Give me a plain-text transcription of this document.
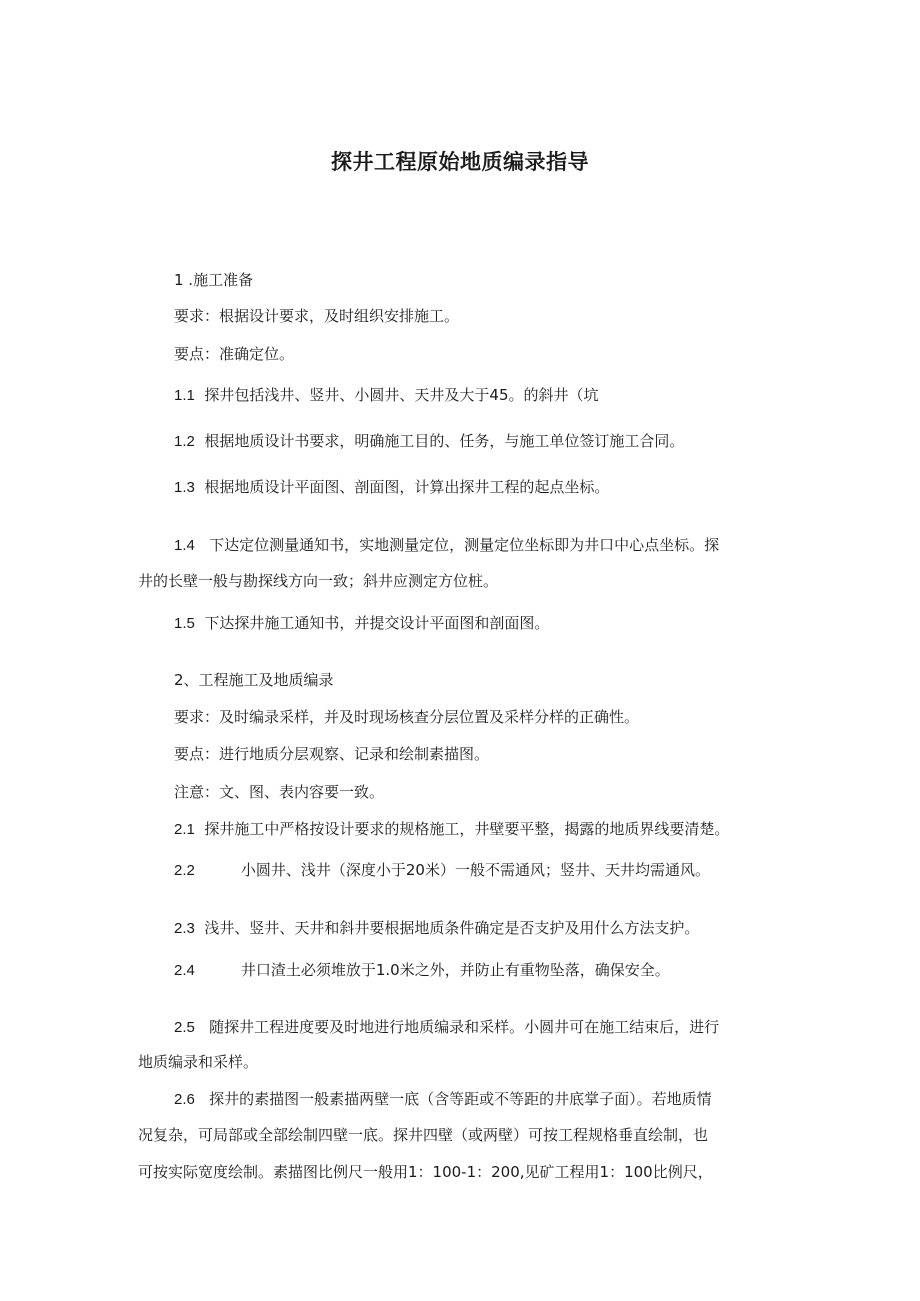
探井工程原始地质编录指导
1 .施工准备
要求：根据设计要求，及时组织安排施工。
要点：准确定位。
1.1 探井包括浅井、竖井、小圆井、天井及大于45。的斜井（坑
1.2 根据地质设计书要求，明确施工目的、任务，与施工单位签订施工合同。
1.3 根据地质设计平面图、剖面图，计算出探井工程的起点坐标。
1.4 下达定位测量通知书，实地测量定位，测量定位坐标即为井口中心点坐标。探
井的长壁一般与勘探线方向一致；斜井应测定方位桩。
1.5 下达探井施工通知书，并提交设计平面图和剖面图。
2、工程施工及地质编录
要求：及时编录采样，并及时现场核查分层位置及采样分样的正确性。
要点：进行地质分层观察、记录和绘制素描图。
注意：文、图、表内容要一致。
2.1 探井施工中严格按设计要求的规格施工，井壁要平整，揭露的地质界线要清楚。
2.2	小圆井、浅井（深度小于20米）一般不需通风；竖井、天井均需通风。
2.3 浅井、竖井、天井和斜井要根据地质条件确定是否支护及用什么方法支护。
2.4	井口渣土必须堆放于1.0米之外，并防止有重物坠落，确保安全。
2.5 随探井工程进度要及时地进行地质编录和采样。小圆井可在施工结束后，进行
地质编录和采样。
2.6 探井的素描图一般素描两壁一底（含等距或不等距的井底掌子面）。若地质情
况复杂，可局部或全部绘制四壁一底。探井四壁（或两壁）可按工程规格垂直绘制，也
可按实际宽度绘制。素描图比例尺一般用1：100-1：200,见矿工程用1：100比例尺，
